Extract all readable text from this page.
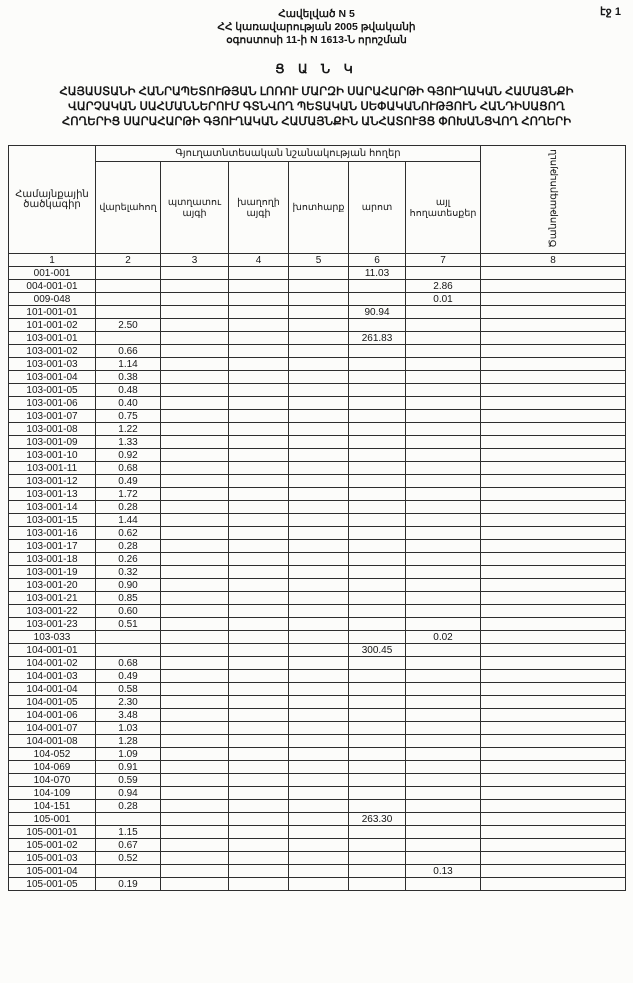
էջ 1
Հավելված N 5
ՀՀ կառավարության 2005 թվականի
օգոստոսի 11-ի N 1613-Ն որոշման
Ց Ա Ն Կ
ՀԱՅԱՍՏԱՆԻ ՀԱՆՐԱՊԵՏՈՒԹՅԱՆ ԼՈՌՈՒ ՄԱՐԶԻ ՍԱՐԱՀԱՐԹԻ ԳՅՈՒՂԱԿԱՆ ՀԱՄԱՅՆՔԻ
ՎԱՐՉԱԿԱՆ ՍԱՀՄԱՆՆԵՐՈՒՄ ԳՏՆՎՈՂ ՊԵՏԱԿԱՆ ՍԵՓԱԿԱՆՈՒԹՅՈՒՆ ՀԱՆԴԻՍԱՑՈՂ
ՀՈՂԵՐԻՑ ՍԱՐԱՀԱՐԹԻ ԳՅՈՒՂԱԿԱՆ ՀԱՄԱՅՆՔԻՆ ԱՆՀԱՏՈՒՅՑ ՓՈԽԱՆՑՎՈՂ ՀՈՂԵՐԻ
Համայնքային ծածկագիր	Գյուղատնտեսական նշանակության հողեր						Ծանոթագրություն
	վարելահող	պտղատու այգի	խաղողի այգի	խոտհարք	արոտ	այլ հողատեսքեր	
1	2	3	4	5	6	7	8
001-001					11.03		
004-001-01						2.86	
009-048						0.01	
101-001-01					90.94		
101-001-02	2.50						
103-001-01					261.83		
103-001-02	0.66						
103-001-03	1.14						
103-001-04	0.38						
103-001-05	0.48						
103-001-06	0.40						
103-001-07	0.75						
103-001-08	1.22						
103-001-09	1.33						
103-001-10	0.92						
103-001-11	0.68						
103-001-12	0.49						
103-001-13	1.72						
103-001-14	0.28						
103-001-15	1.44						
103-001-16	0.62						
103-001-17	0.28						
103-001-18	0.26						
103-001-19	0.32						
103-001-20	0.90						
103-001-21	0.85						
103-001-22	0.60						
103-001-23	0.51						
103-033						0.02	
104-001-01					300.45		
104-001-02	0.68						
104-001-03	0.49						
104-001-04	0.58						
104-001-05	2.30						
104-001-06	3.48						
104-001-07	1.03						
104-001-08	1.28						
104-052	1.09						
104-069	0.91						
104-070	0.59						
104-109	0.94						
104-151	0.28						
105-001					263.30		
105-001-01	1.15						
105-001-02	0.67						
105-001-03	0.52						
105-001-04						0.13	
105-001-05	0.19						
